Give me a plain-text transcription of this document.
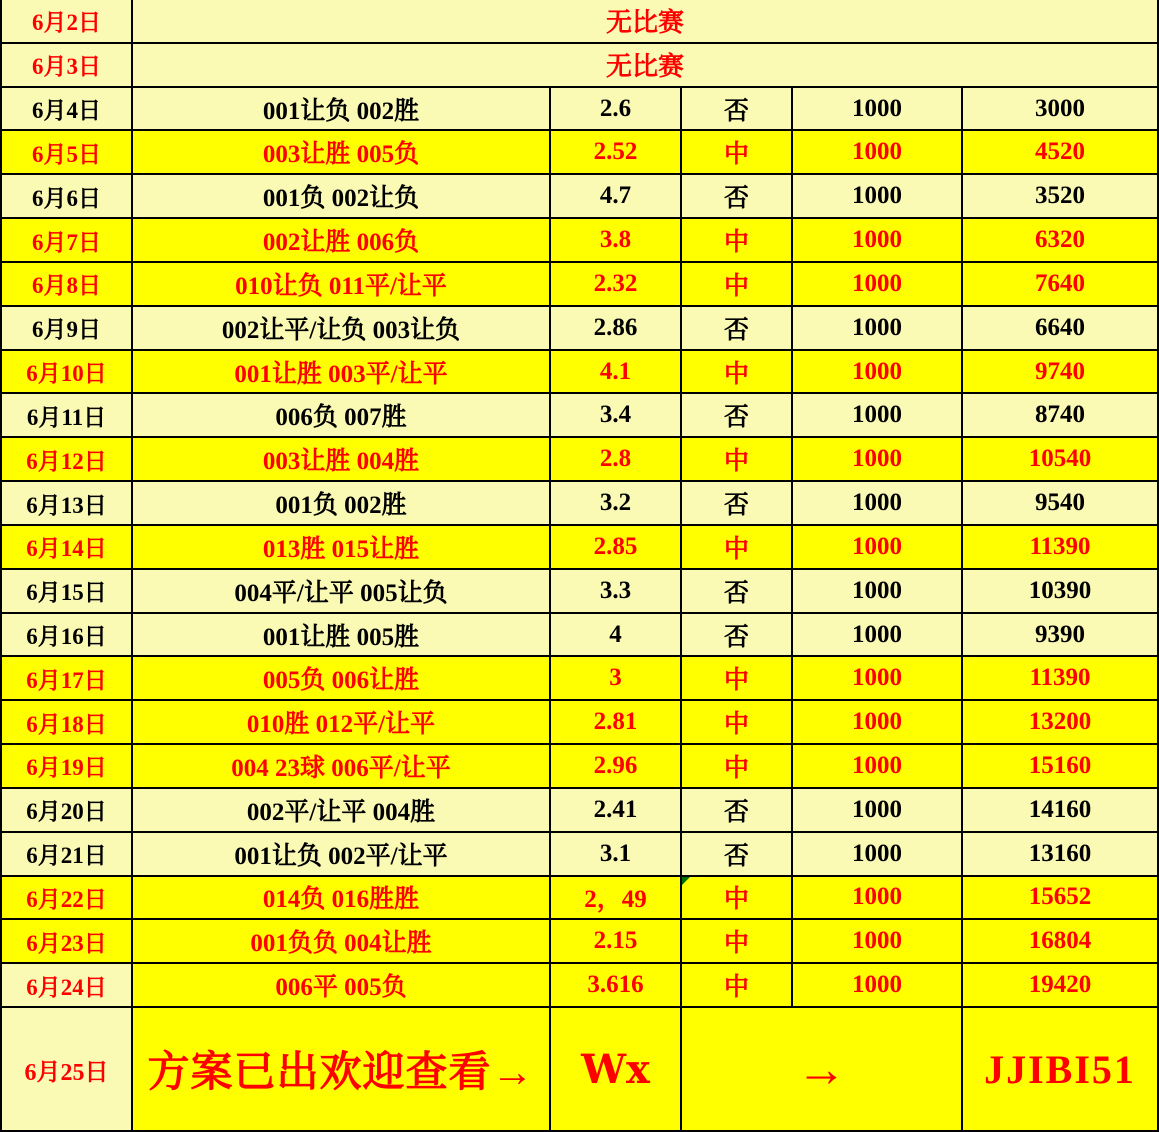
6月2日	无比赛
6月3日	无比赛
6月4日	001让负 002胜	2.6	否	1000	3000
6月5日	003让胜 005负	2.52	中	1000	4520
6月6日	001负 002让负	4.7	否	1000	3520
6月7日	002让胜 006负	3.8	中	1000	6320
6月8日	010让负 011平/让平	2.32	中	1000	7640
6月9日	002让平/让负 003让负	2.86	否	1000	6640
6月10日	001让胜 003平/让平	4.1	中	1000	9740
6月11日	006负 007胜	3.4	否	1000	8740
6月12日	003让胜 004胜	2.8	中	1000	10540
6月13日	001负 002胜	3.2	否	1000	9540
6月14日	013胜 015让胜	2.85	中	1000	11390
6月15日	004平/让平 005让负	3.3	否	1000	10390
6月16日	001让胜 005胜	4	否	1000	9390
6月17日	005负 006让胜	3	中	1000	11390
6月18日	010胜 012平/让平	2.81	中	1000	13200
6月19日	004 23球 006平/让平	2.96	中	1000	15160
6月20日	002平/让平 004胜	2.41	否	1000	14160
6月21日	001让负 002平/让平	3.1	否	1000	13160
6月22日	014负 016胜胜	2，49	中	1000	15652
6月23日	001负负 004让胜	2.15	中	1000	16804
6月24日	006平 005负	3.616	中	1000	19420
6月25日 方案已出欢迎查看→	Wx	→	JJIBI51
